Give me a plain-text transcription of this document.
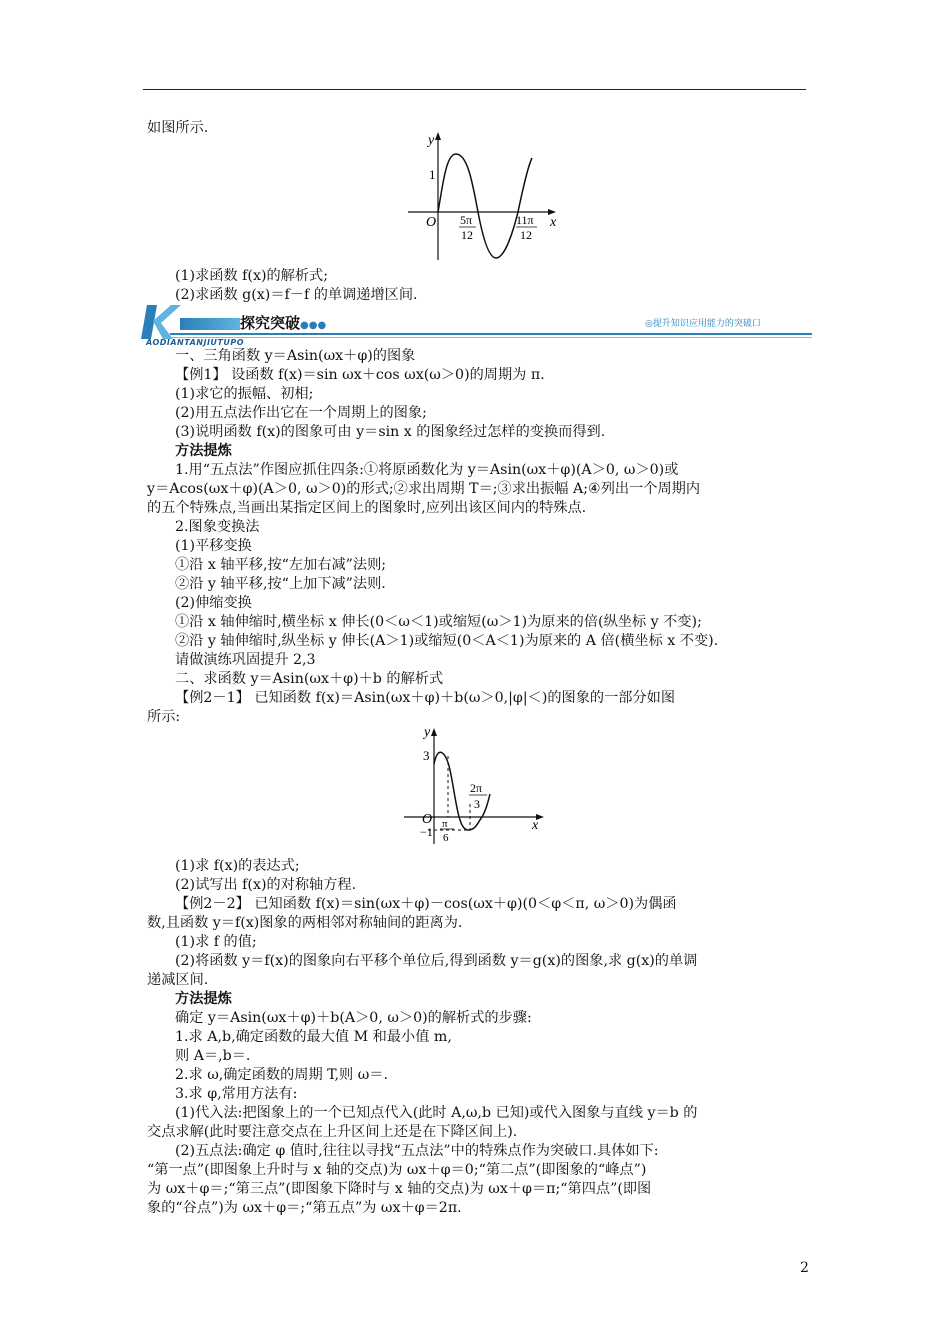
如图所示.
y
x
O
1
5π
12
11π
12
(1)求函数 f(x)的解析式;
(2)求函数 g(x)＝f－f 的单调递增区间.
探究突破●●●	◎提升知识应用能力的突破口
AODIANTANJIUTUPO
一、三角函数 y＝Asin(ωx＋φ)的图象
【例1】 设函数 f(x)＝sin ωx＋cos ωx(ω＞0)的周期为 π.
(1)求它的振幅、初相;
(2)用五点法作出它在一个周期上的图象;
(3)说明函数 f(x)的图象可由 y＝sin x 的图象经过怎样的变换而得到.
方法提炼
1.用“五点法”作图应抓住四条:①将原函数化为 y＝Asin(ωx＋φ)(A＞0, ω＞0)或
y＝Acos(ωx＋φ)(A＞0, ω＞0)的形式;②求出周期 T＝;③求出振幅 A;④列出一个周期内
的五个特殊点,当画出某指定区间上的图象时,应列出该区间内的特殊点.
2.图象变换法
(1)平移变换
①沿 x 轴平移,按“左加右减”法则;
②沿 y 轴平移,按“上加下减”法则.
(2)伸缩变换
①沿 x 轴伸缩时,横坐标 x 伸长(0＜ω＜1)或缩短(ω＞1)为原来的倍(纵坐标 y 不变);
②沿 y 轴伸缩时,纵坐标 y 伸长(A＞1)或缩短(0＜A＜1)为原来的 A 倍(横坐标 x 不变).
请做演练巩固提升 2,3
二、求函数 y＝Asin(ωx＋φ)＋b 的解析式
【例2－1】 已知函数 f(x)＝Asin(ωx＋φ)＋b(ω＞0,|φ|＜)的图象的一部分如图
所示:
y
x
3
O
−1
π
6
2π
3
(1)求 f(x)的表达式;
(2)试写出 f(x)的对称轴方程.
【例2－2】 已知函数 f(x)＝sin(ωx＋φ)－cos(ωx＋φ)(0＜φ＜π, ω＞0)为偶函
数,且函数 y＝f(x)图象的两相邻对称轴间的距离为.
(1)求 f 的值;
(2)将函数 y＝f(x)的图象向右平移个单位后,得到函数 y＝g(x)的图象,求 g(x)的单调
递减区间.
方法提炼
确定 y＝Asin(ωx＋φ)＋b(A＞0, ω＞0)的解析式的步骤:
1.求 A,b,确定函数的最大值 M 和最小值 m,
则 A＝,b＝.
2.求 ω,确定函数的周期 T,则 ω＝.
3.求 φ,常用方法有:
(1)代入法:把图象上的一个已知点代入(此时 A,ω,b 已知)或代入图象与直线 y＝b 的
交点求解(此时要注意交点在上升区间上还是在下降区间上).
(2)五点法:确定 φ 值时,往往以寻找“五点法”中的特殊点作为突破口.具体如下:
“第一点”(即图象上升时与 x 轴的交点)为 ωx＋φ＝0;“第二点”(即图象的“峰点”)
为 ωx＋φ＝;“第三点”(即图象下降时与 x 轴的交点)为 ωx＋φ＝π;“第四点”(即图
象的“谷点”)为 ωx＋φ＝;“第五点”为 ωx＋φ＝2π.
2
